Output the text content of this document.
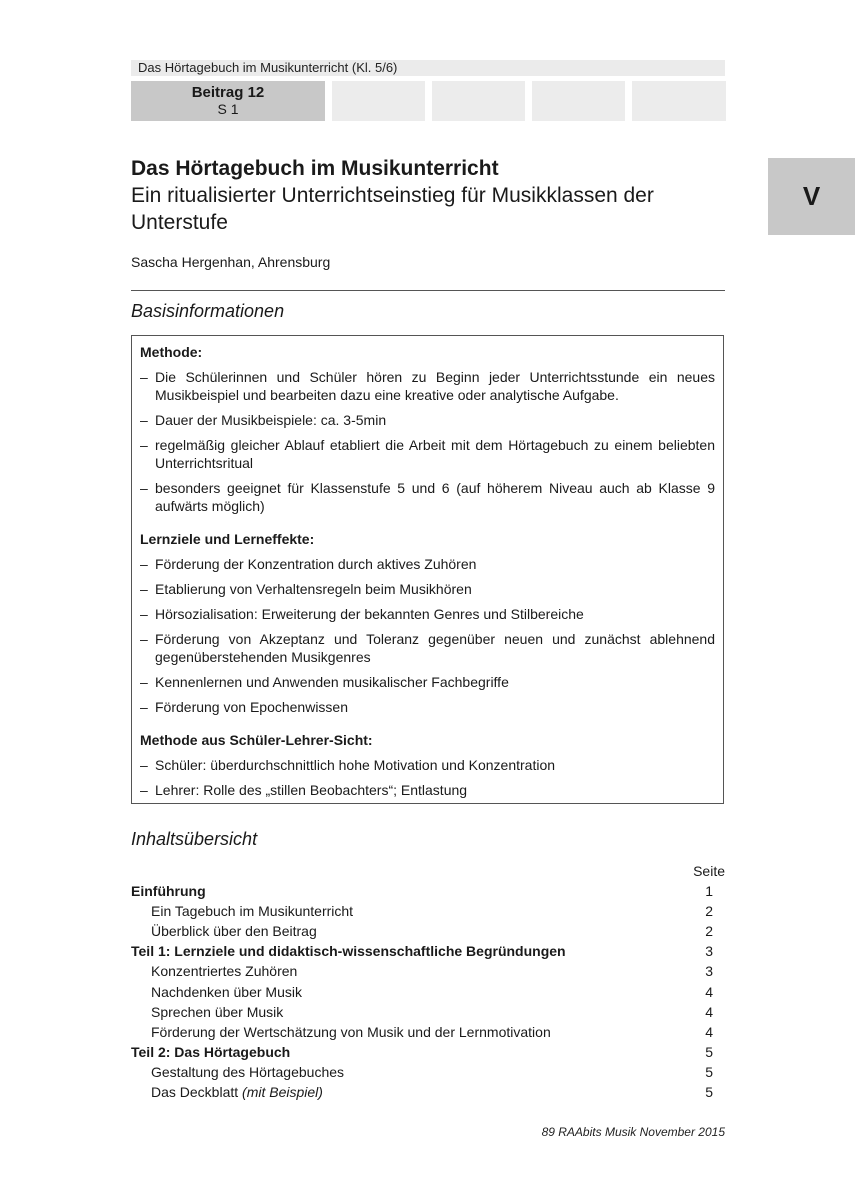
Das Hörtagebuch im Musikunterricht (Kl. 5/6)
Beitrag 12
S 1
V
Das Hörtagebuch im Musikunterricht
Ein ritualisierter Unterrichtseinstieg für Musikklassen der Unterstufe
Sascha Hergenhan, Ahrensburg
Basisinformationen
Methode:
– Die Schülerinnen und Schüler hören zu Beginn jeder Unterrichtsstunde ein neues Musikbeispiel und bearbeiten dazu eine kreative oder analytische Aufgabe.
– Dauer der Musikbeispiele: ca. 3-5min
– regelmäßig gleicher Ablauf etabliert die Arbeit mit dem Hörtagebuch zu einem beliebten Unterrichtsritual
– besonders geeignet für Klassenstufe 5 und 6 (auf höherem Niveau auch ab Klasse 9 aufwärts möglich)
Lernziele und Lerneffekte:
– Förderung der Konzentration durch aktives Zuhören
– Etablierung von Verhaltensregeln beim Musikhören
– Hörsozialisation: Erweiterung der bekannten Genres und Stilbereiche
– Förderung von Akzeptanz und Toleranz gegenüber neuen und zunächst ablehnend gegenüberstehenden Musikgenres
– Kennenlernen und Anwenden musikalischer Fachbegriffe
– Förderung von Epochenwissen
Methode aus Schüler-Lehrer-Sicht:
– Schüler: überdurchschnittlich hohe Motivation und Konzentration
– Lehrer: Rolle des „stillen Beobachters“; Entlastung
Inhaltsübersicht
Seite
Einführung	1
Ein Tagebuch im Musikunterricht	2
Überblick über den Beitrag	2
Teil 1: Lernziele und didaktisch-wissenschaftliche Begründungen	3
Konzentriertes Zuhören	3
Nachdenken über Musik	4
Sprechen über Musik	4
Förderung der Wertschätzung von Musik und der Lernmotivation	4
Teil 2: Das Hörtagebuch	5
Gestaltung des Hörtagebuches	5
Das Deckblatt (mit Beispiel)	5
89 RAAbits Musik November 2015
